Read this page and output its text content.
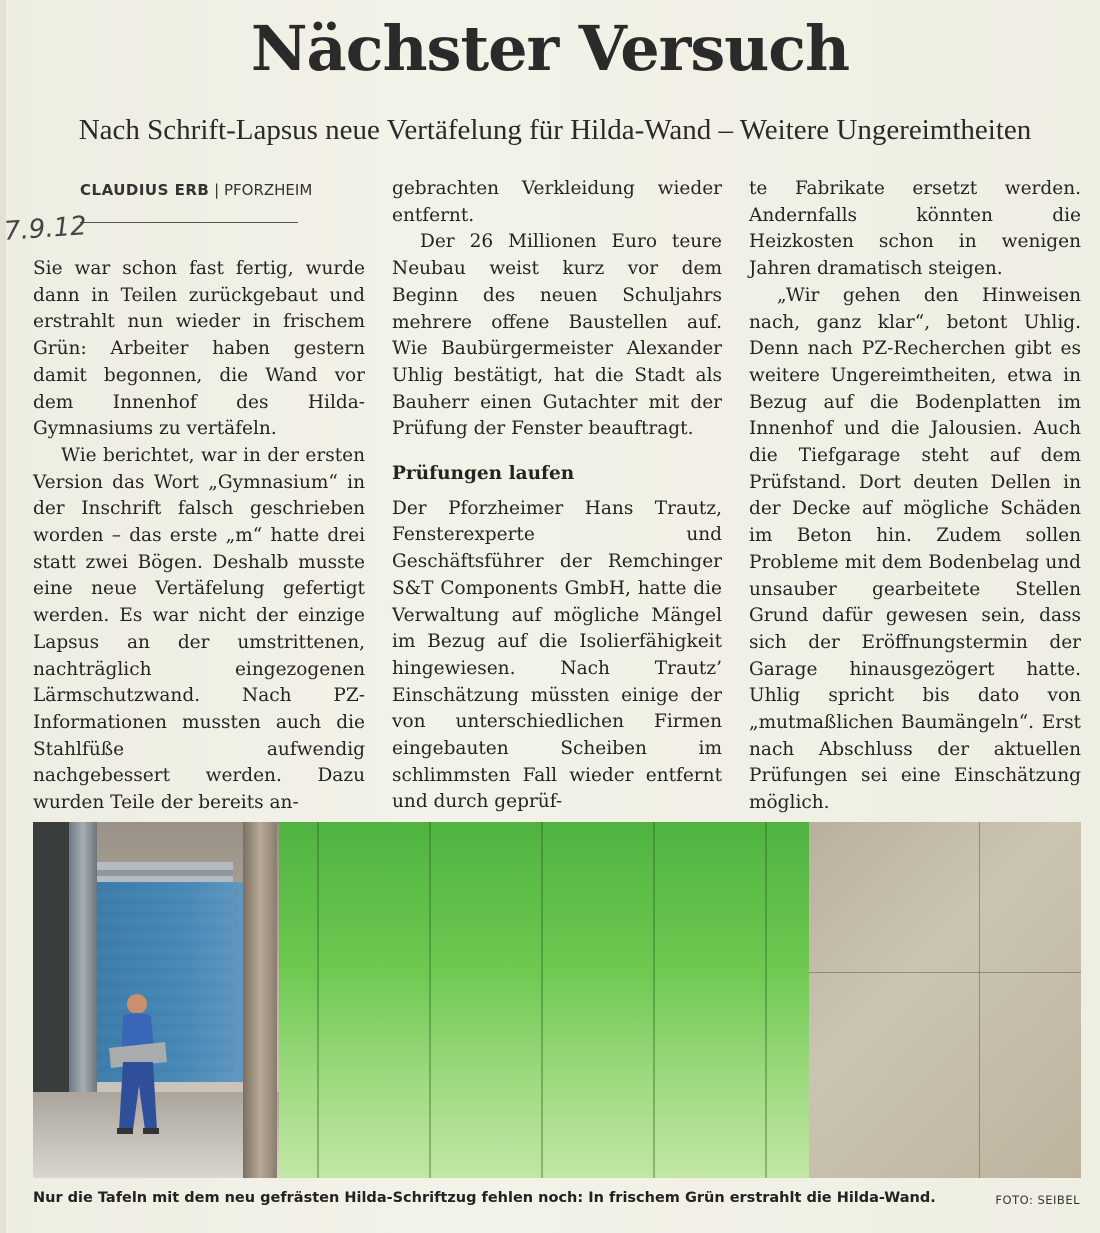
Nächster Versuch
Nach Schrift-Lapsus neue Vertäfelung für Hilda-Wand – Weitere Ungereimtheiten
CLAUDIUS ERB | PFORZHEIM
7.9.12

Sie war schon fast fertig, wurde dann in Teilen zurückgebaut und erstrahlt nun wieder in frischem Grün: Arbeiter haben gestern damit begonnen, die Wand vor dem Innenhof des Hilda-Gymnasiums zu vertäfeln.

Wie berichtet, war in der ersten Version das Wort „Gymnasium“ in der Inschrift falsch geschrieben worden – das erste „m“ hatte drei statt zwei Bögen. Deshalb musste eine neue Vertäfelung gefertigt werden. Es war nicht der einzige Lapsus an der umstrittenen, nachträglich eingezogenen Lärmschutzwand. Nach PZ-Informationen mussten auch die Stahlfüße aufwendig nachgebessert werden. Dazu wurden Teile der bereits an-

gebrachten Verkleidung wieder entfernt.

Der 26 Millionen Euro teure Neubau weist kurz vor dem Beginn des neuen Schuljahrs mehrere offene Baustellen auf. Wie Baubürgermeister Alexander Uhlig bestätigt, hat die Stadt als Bauherr einen Gutachter mit der Prüfung der Fenster beauftragt.

Prüfungen laufen

Der Pforzheimer Hans Trautz, Fensterexperte und Geschäftsführer der Remchinger S&T Components GmbH, hatte die Verwaltung auf mögliche Mängel im Bezug auf die Isolierfähigkeit hingewiesen. Nach Trautz’ Einschätzung müssten einige der von unterschiedlichen Firmen eingebauten Scheiben im schlimmsten Fall wieder entfernt und durch geprüf-

te Fabrikate ersetzt werden. Andernfalls könnten die Heizkosten schon in wenigen Jahren dramatisch steigen.

„Wir gehen den Hinweisen nach, ganz klar“, betont Uhlig. Denn nach PZ-Recherchen gibt es weitere Ungereimtheiten, etwa in Bezug auf die Bodenplatten im Innenhof und die Jalousien. Auch die Tiefgarage steht auf dem Prüfstand. Dort deuten Dellen in der Decke auf mögliche Schäden im Beton hin. Zudem sollen Probleme mit dem Bodenbelag und unsauber gearbeitete Stellen Grund dafür gewesen sein, dass sich der Eröffnungstermin der Garage hinausgezögert hatte. Uhlig spricht bis dato von „mutmaßlichen Baumängeln“. Erst nach Abschluss der aktuellen Prüfungen sei eine Einschätzung möglich.

Nur die Tafeln mit dem neu gefrästen Hilda-Schriftzug fehlen noch: In frischem Grün erstrahlt die Hilda-Wand.	FOTO: SEIBEL
